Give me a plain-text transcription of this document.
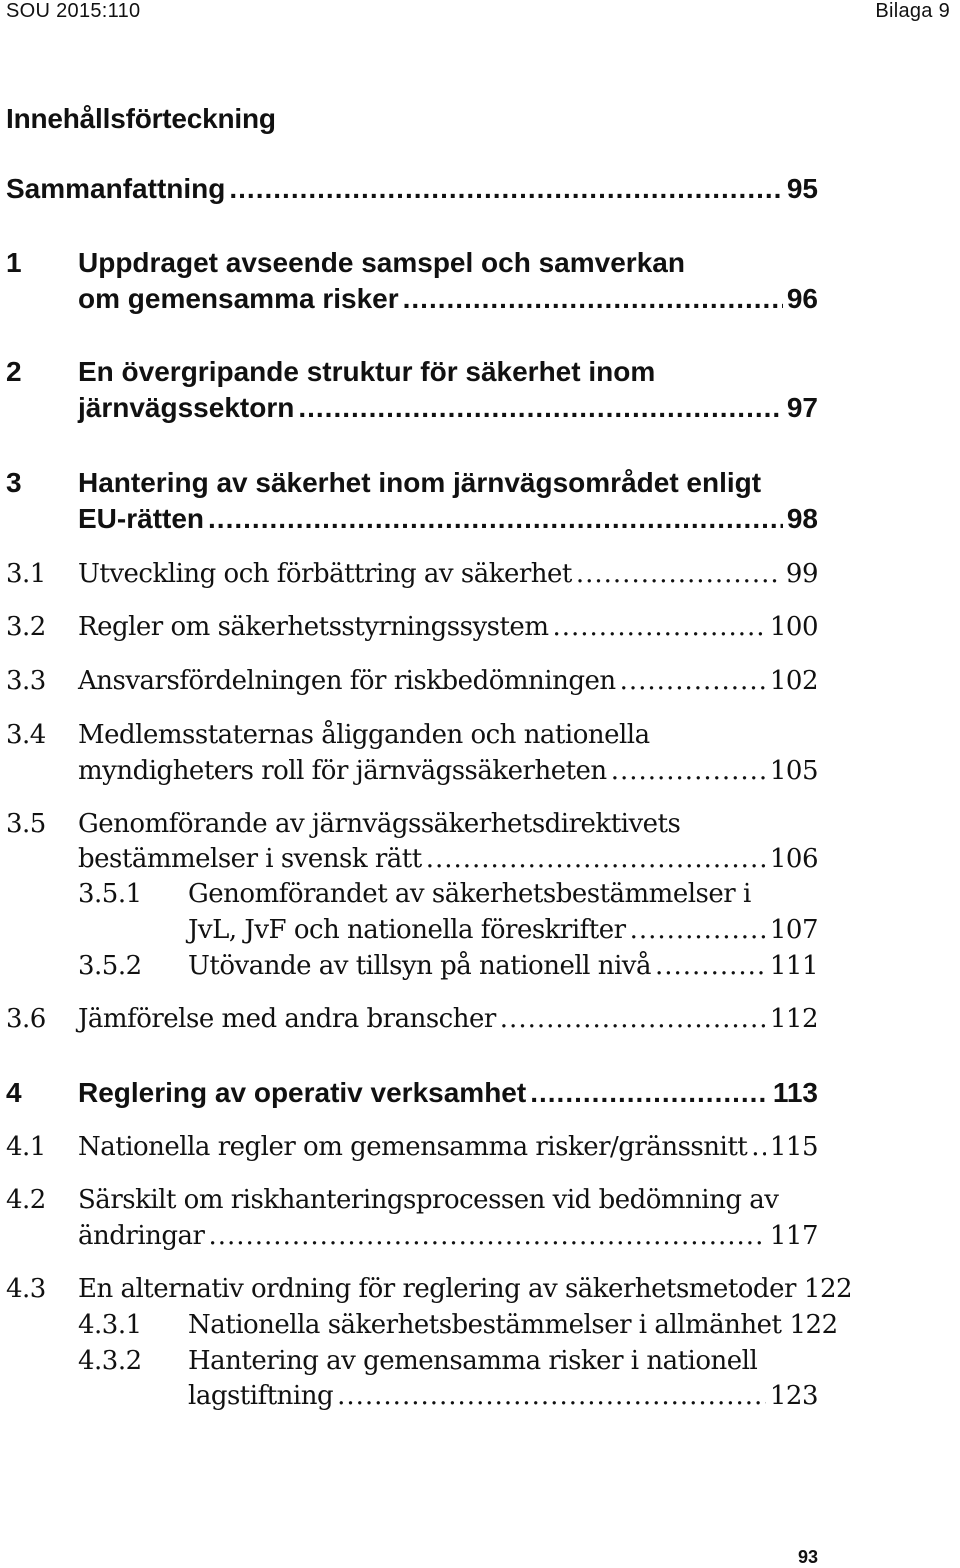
SOU 2015:110	Bilaga 9
Innehållsförteckning
Sammanfattning .....	95
1 Uppdraget avseende samspel och samverkan
om gemensamma risker .....	96
2 En övergripande struktur för säkerhet inom
järnvägssektorn .....	97
3 Hantering av säkerhet inom järnvägsområdet enligt
EU-rätten .....	98
3.1 Utveckling och förbättring av säkerhet .....	99
3.2 Regler om säkerhetsstyrningssystem .....	100
3.3 Ansvarsfördelningen för riskbedömningen .....	102
3.4 Medlemsstaternas åligganden och nationella
myndigheters roll för järnvägssäkerheten .....	105
3.5 Genomförande av järnvägssäkerhetsdirektivets
bestämmelser i svensk rätt .....	106
3.5.1 Genomförandet av säkerhetsbestämmelser i
JvL, JvF och nationella föreskrifter .....	107
3.5.2 Utövande av tillsyn på nationell nivå .....	111
3.6 Jämförelse med andra branscher .....	112
4 Reglering av operativ verksamhet .....	113
4.1 Nationella regler om gemensamma risker/gränssnitt ..... 115
4.2 Särskilt om riskhanteringsprocessen vid bedömning av
ändringar .....	117
4.3 En alternativ ordning för reglering av säkerhetsmetoder 122
4.3.1 Nationella säkerhetsbestämmelser i allmänhet 122
4.3.2 Hantering av gemensamma risker i nationell
lagstiftning .....	123

93
